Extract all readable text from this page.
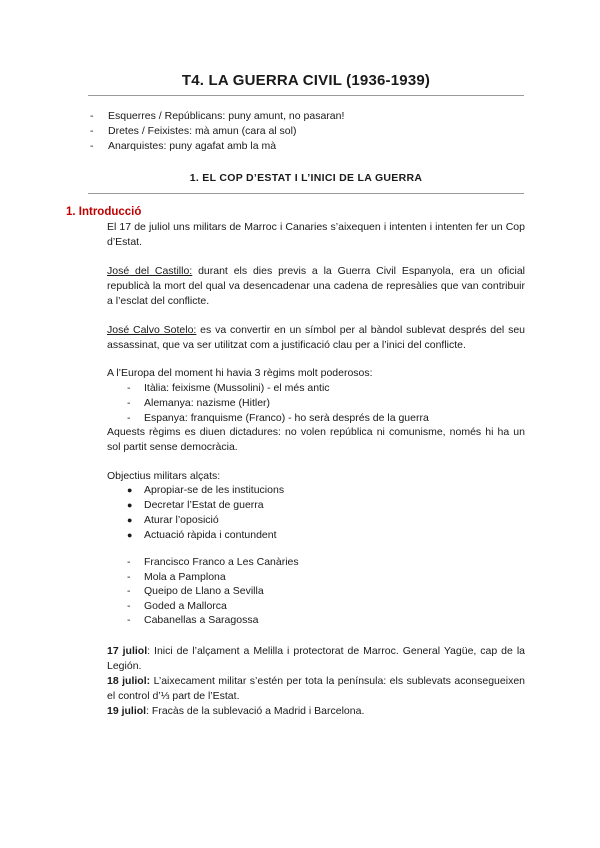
T4. LA GUERRA CIVIL (1936-1939)
- Esquerres / Repúblicans: puny amunt, no pasaran!
- Dretes / Feixistes: mà amun (cara al sol)
- Anarquistes: puny agafat amb la mà
1. EL COP D’ESTAT I L’INICI DE LA GUERRA
1. Introducció
El 17 de juliol uns militars de Marroc i Canaries s’aixequen i intenten i intenten fer un Cop d’Estat.
José del Castillo: durant els dies previs a la Guerra Civil Espanyola, era un oficial republicà la mort del qual va desencadenar una cadena de represàlies que van contribuir a l’esclat del conflicte.
José Calvo Sotelo: es va convertir en un símbol per al bàndol sublevat després del seu assassinat, que va ser utilitzat com a justificació clau per a l’inici del conflicte.
A l’Europa del moment hi havia 3 règims molt poderosos:
- Itàlia: feixisme (Mussolini) - el més antic
- Alemanya: nazisme (Hitler)
- Espanya: franquisme (Franco) - ho serà després de la guerra
Aquests règims es diuen dictadures: no volen república ni comunisme, només hi ha un sol partit sense democràcia.
Objectius militars alçats:
● Apropiar-se de les institucions
● Decretar l’Estat de guerra
● Aturar l’oposició
● Actuació ràpida i contundent
- Francisco Franco a Les Canàries
- Mola a Pamplona
- Queipo de Llano a Sevilla
- Goded a Mallorca
- Cabanellas a Saragossa

17 juliol: Inici de l’alçament a Melilla i protectorat de Marroc. General Yagüe, cap de la Legión.

18 juliol: L’aixecament militar s’estén per tota la península: els sublevats aconsegueixen el control d’⅓ part de l’Estat.

19 juliol: Fracàs de la sublevació a Madrid i Barcelona.
